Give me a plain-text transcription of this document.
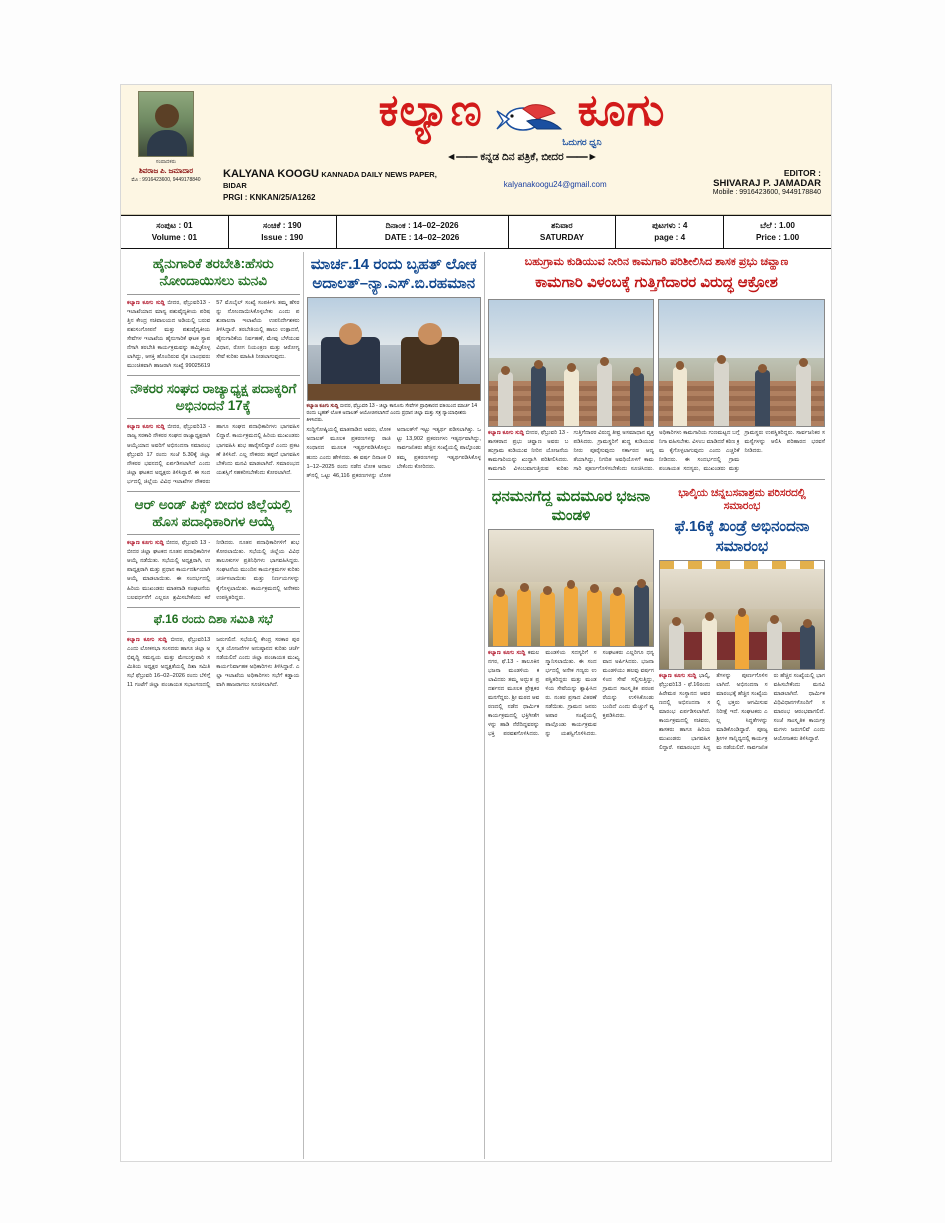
ಸಂಪಾದಕರು
ಶಿವರಾಜ ಪಿ. ಜಮಾದಾರ
ಮೊ : 9916423600, 9449178840
ಕಲ್ಯಾಣ ಕೂಗು
ಓದುಗರ ಧ್ವನಿ
◄━━ ಕನ್ನಡ ದಿನ ಪತ್ರಿಕೆ, ಬೀದರ ━━►
KALYANA KOOGU KANNADA DAILY NEWS PAPER, BIDAR
PRGI : KNKAN/25/A1262
kalyanakoogu24@gmail.com
EDITOR :
SHIVARAJ P. JAMADAR
Mobile : 9916423600, 9449178840
ಸಂಪುಟ : 01
Volume : 01
ಸಂಚಿಕೆ : 190
Issue : 190
ದಿನಾಂಕ : 14–02–2026
DATE : 14–02–2026
ಶನಿವಾರ
SATURDAY
ಪುಟಗಳು : 4
page : 4
ಬೆಲೆ : 1.00
Price : 1.00
ಹೈನುಗಾರಿಕೆ ತರಬೇತಿ:ಹೆಸರು ನೋಂದಾಯಿಸಲು ಮನವಿ
ಕಲ್ಯಾಣ ಕೂಗು ಸುದ್ದಿ ಬೀದರ, ಫೆಬ್ರುವರಿ13 - ಇಲಾಖೆಯಾದ ಮಾನ್ಯ ಪಶುವೈದ್ಯಕೀಯ ಪರಿಷತ್ತಿನ ಕೇಂದ್ರ ಸಚಿವಾಲಯದ ಅಡಿಯಲ್ಲಿ ಬರುವ ಪಶುಸಂಗೋಪನೆ ಮತ್ತು ಪಶುವೈದ್ಯಕೀಯ ಸೇವೆಗಳ ಇಲಾಖೆಯ ಹೈನುಗಾರಿಕೆ ಘಟಕ ಸ್ಥಾಪನೆಗಾಗಿ ತರಬೇತಿ ಕಾರ್ಯಕ್ರಮವನ್ನು ಹಮ್ಮಿಕೊಳ್ಳಲಾಗಿದ್ದು, ಆಸಕ್ತಿ ಹೊಂದಿರುವ ರೈತ ಬಾಂಧವರು ಮುಂಚಿತವಾಗಿ ಹಾಜರಾಗಿ ಸಂಖ್ಯೆ 9902561957 ಮೊಬೈಲ್ ಸಂಖ್ಯೆ ಸಂಪರ್ಕಿಸಿ ತಮ್ಮ ಹೆಸರನ್ನು ನೋಂದಾಯಿಸಿಕೊಳ್ಳಬೇಕು ಎಂದು ಪಶುಪಾಲನಾ ಇಲಾಖೆಯ ಉಪನಿರ್ದೇಶಕರು ತಿಳಿಸಿದ್ದಾರೆ. ತರಬೇತಿಯಲ್ಲಿ ಹಾಲು ಉತ್ಪಾದನೆ, ಹೈನುಗಾರಿಕೆಯ ನಿರ್ವಹಣೆ, ಮೇವು ಬೆಳೆಯುವ ವಿಧಾನ, ರೋಗ ನಿಯಂತ್ರಣ ಮತ್ತು ಆರೋಗ್ಯ ಸೇವೆ ಕುರಿತು ಮಾಹಿತಿ ನೀಡಲಾಗುವುದು.
ನೌಕರರ ಸಂಘದ ರಾಜ್ಯಾಧ್ಯಕ್ಷ ಪದಾಕ್ಕರಿಗೆ ಅಭಿನಂದನೆ 17ಕ್ಕೆ
ಕಲ್ಯಾಣ ಕೂಗು ಸುದ್ದಿ ಬೀದರ, ಫೆಬ್ರುವರಿ13 - ರಾಜ್ಯ ಸರಕಾರಿ ನೌಕರರ ಸಂಘದ ರಾಜ್ಯಾಧ್ಯಕ್ಷರಾಗಿ ಆಯ್ಕೆಯಾದ ಅವರಿಗೆ ಅಭಿನಂದನಾ ಸಮಾರಂಭ ಫೆಬ್ರುವರಿ 17 ರಂದು ಸಂಜೆ 5.30ಕ್ಕೆ ಜಿಲ್ಲಾ ನೌಕರರ ಭವನದಲ್ಲಿ ಏರ್ಪಡಿಸಲಾಗಿದೆ ಎಂದು ಜಿಲ್ಲಾ ಘಟಕದ ಅಧ್ಯಕ್ಷರು ತಿಳಿಸಿದ್ದಾರೆ. ಈ ಸಂದರ್ಭದಲ್ಲಿ ಜಿಲ್ಲೆಯ ವಿವಿಧ ಇಲಾಖೆಗಳ ನೌಕರರು ಹಾಗೂ ಸಂಘದ ಪದಾಧಿಕಾರಿಗಳು ಭಾಗವಹಿಸಲಿದ್ದಾರೆ. ಕಾರ್ಯಕ್ರಮದಲ್ಲಿ ಹಿರಿಯ ಮುಖಂಡರು ಭಾಗವಹಿಸಿ ಶುಭ ಹಾರೈಸಲಿದ್ದಾರೆ ಎಂದು ಪ್ರಕಟಣೆ ತಿಳಿಸಿದೆ. ಎಲ್ಲ ನೌಕರರು ತಪ್ಪದೆ ಭಾಗವಹಿಸಬೇಕೆಂದು ಮನವಿ ಮಾಡಲಾಗಿದೆ. ಸಮಾರಂಭದ ಯಶಸ್ಸಿಗೆ ಸಹಕರಿಸಬೇಕೆಂದು ಕೋರಲಾಗಿದೆ.
ಆರ್ ಅಂಡ್ ಪಿಕ್ಸ್ ಬೀದರ ಜಿಲ್ಲೆಯಲ್ಲಿ ಹೊಸ ಪದಾಧಿಕಾರಿಗಳ ಆಯ್ಕೆ
ಕಲ್ಯಾಣ ಕೂಗು ಸುದ್ದಿ ಬೀದರ, ಫೆಬ್ರುವರಿ 13 - ಬೀದರ ಜಿಲ್ಲಾ ಘಟಕದ ನೂತನ ಪದಾಧಿಕಾರಿಗಳ ಆಯ್ಕೆ ನಡೆಯಿತು. ಸಭೆಯಲ್ಲಿ ಅಧ್ಯಕ್ಷರಾಗಿ, ಉಪಾಧ್ಯಕ್ಷರಾಗಿ ಮತ್ತು ಪ್ರಧಾನ ಕಾರ್ಯದರ್ಶಿಯಾಗಿ ಆಯ್ಕೆ ಮಾಡಲಾಯಿತು. ಈ ಸಂದರ್ಭದಲ್ಲಿ ಹಿರಿಯ ಮುಖಂಡರು ಮಾತನಾಡಿ ಸಂಘಟನೆಯ ಬಲವರ್ಧನೆಗೆ ಎಲ್ಲರೂ ಶ್ರಮಿಸಬೇಕೆಂದು ಕರೆ ನೀಡಿದರು. ನೂತನ ಪದಾಧಿಕಾರಿಗಳಿಗೆ ಶುಭ ಕೋರಲಾಯಿತು. ಸಭೆಯಲ್ಲಿ ಜಿಲ್ಲೆಯ ವಿವಿಧ ತಾಲೂಕುಗಳ ಪ್ರತಿನಿಧಿಗಳು ಭಾಗವಹಿಸಿದ್ದರು. ಸಂಘಟನೆಯ ಮುಂದಿನ ಕಾರ್ಯಕ್ರಮಗಳ ಕುರಿತು ಚರ್ಚಿಸಲಾಯಿತು ಮತ್ತು ನಿರ್ಣಯಗಳನ್ನು ಕೈಗೊಳ್ಳಲಾಯಿತು. ಕಾರ್ಯಕ್ರಮದಲ್ಲಿ ಅನೇಕರು ಉಪಸ್ಥಿತರಿದ್ದರು.
ಫೆ.16 ರಂದು ದಿಶಾ ಸಮಿತಿ ಸಭೆ
ಕಲ್ಯಾಣ ಕೂಗು ಸುದ್ದಿ ಬೀದರ, ಫೆಬ್ರುವರಿ13 ಎಂದು ಲೋಕಸಭಾ ಸಂಸದರು ಹಾಗೂ ಜಿಲ್ಲಾ ಅಭಿವೃದ್ಧಿ ಸಮನ್ವಯ ಮತ್ತು ಮೇಲುಸ್ತುವಾರಿ ಸಮಿತಿಯ ಅಧ್ಯಕ್ಷರ ಅಧ್ಯಕ್ಷತೆಯಲ್ಲಿ ದಿಶಾ ಸಮಿತಿ ಸಭೆ ಫೆಬ್ರುವರಿ 16–02–2026 ರಂದು ಬೆಳಿಗ್ಗೆ 11 ಗಂಟೆಗೆ ಜಿಲ್ಲಾ ಪಂಚಾಯತ ಸಭಾಂಗಣದಲ್ಲಿ ಜರುಗಲಿದೆ. ಸಭೆಯಲ್ಲಿ ಕೇಂದ್ರ ಸರಕಾರ ಪುರಸ್ಕೃತ ಯೋಜನೆಗಳ ಅನುಷ್ಠಾನದ ಕುರಿತು ಚರ್ಚೆ ನಡೆಯಲಿದೆ ಎಂದು ಜಿಲ್ಲಾ ಪಂಚಾಯತ ಮುಖ್ಯ ಕಾರ್ಯನಿರ್ವಾಹಕ ಅಧಿಕಾರಿಗಳು ತಿಳಿಸಿದ್ದಾರೆ. ಎಲ್ಲಾ ಇಲಾಖೆಯ ಅಧಿಕಾರಿಗಳು ಸಭೆಗೆ ಕಡ್ಡಾಯವಾಗಿ ಹಾಜರಾಗಲು ಸೂಚಿಸಲಾಗಿದೆ.
ಮಾರ್ಚ.14 ರಂದು ಬೃಹತ್ ಲೋಕ ಅದಾಲತ್–ನ್ಯಾ.ಎಸ್.ಬಿ.ರಹಮಾನ
ಕಲ್ಯಾಣ ಕೂಗು ಸುದ್ದಿ ಬೀದರ, ಫೆಬ್ರುವರಿ 13 - ಜಿಲ್ಲಾ ಕಾನೂನು ಸೇವೆಗಳ ಪ್ರಾಧಿಕಾರದ ವತಿಯಿಂದ ಮಾರ್ಚ 14 ರಂದು ಬೃಹತ್ ಲೋಕ ಅದಾಲತ್ ಆಯೋಜಿಸಲಾಗಿದೆ ಎಂದು ಪ್ರಧಾನ ಜಿಲ್ಲಾ ಮತ್ತು ಸತ್ರ ನ್ಯಾಯಾಧೀಶರು ತಿಳಿಸಿದರು.
ಸುದ್ದಿಗೋಷ್ಠಿಯಲ್ಲಿ ಮಾತನಾಡಿದ ಅವರು, ಲೋಕ ಅದಾಲತ್ ಮೂಲಕ ಪ್ರಕರಣಗಳನ್ನು ರಾಜಿ ಸಂಧಾನದ ಮೂಲಕ ಇತ್ಯರ್ಥಪಡಿಸಿಕೊಳ್ಳಬಹುದು ಎಂದು ಹೇಳಿದರು. ಈ ವರ್ಷ ದಿನಾಂಕ 01–12–2025 ರಂದು ನಡೆದ ಲೋಕ ಅದಾಲತ್‌ನಲ್ಲಿ ಒಟ್ಟು 46,116 ಪ್ರಕರಣಗಳನ್ನು ಲೋಕ ಅದಾಲತ್‌ಗೆ ಇಟ್ಟು ಇತ್ಯರ್ಥ ಪಡಿಸಲಾಗಿತ್ತು. ಒಟ್ಟು 13,902 ಪ್ರಕರಣಗಳು ಇತ್ಯರ್ಥವಾಗಿದ್ದು, ಸಾರ್ವಜನಿಕರು ಹೆಚ್ಚಿನ ಸಂಖ್ಯೆಯಲ್ಲಿ ಪಾಲ್ಗೊಂಡು ತಮ್ಮ ಪ್ರಕರಣಗಳನ್ನು ಇತ್ಯರ್ಥಪಡಿಸಿಕೊಳ್ಳಬೇಕೆಂದು ಕೋರಿದರು.
ಬಹುಗ್ರಾಮ ಕುಡಿಯುವ ನೀರಿನ ಕಾಮಗಾರಿ ಪರಿಶೀಲಿಸಿದ ಶಾಸಕ ಪ್ರಭು ಚವ್ಹಾಣ
ಕಾಮಗಾರಿ ವಿಳಂಬಕ್ಕೆ ಗುತ್ತಿಗೆದಾರರ ವಿರುದ್ಧ ಆಕ್ರೋಶ
ಕಲ್ಯಾಣ ಕೂಗು ಸುದ್ದಿ ಬೀದರ, ಫೆಬ್ರುವರಿ 13 - ಶಾಸಕರಾದ ಪ್ರಭು ಚವ್ಹಾಣ ಅವರು ಬಹುಗ್ರಾಮ ಕುಡಿಯುವ ನೀರಿನ ಯೋಜನೆಯ ಕಾಮಗಾರಿಯನ್ನು ಖುದ್ದಾಗಿ ಪರಿಶೀಲಿಸಿದರು. ಕಾಮಗಾರಿ ವಿಳಂಬವಾಗುತ್ತಿರುವ ಕುರಿತು ಗುತ್ತಿಗೆದಾರರ ವಿರುದ್ಧ ತೀವ್ರ ಅಸಮಾಧಾನ ವ್ಯಕ್ತಪಡಿಸಿದರು. ಗ್ರಾಮಸ್ಥರಿಗೆ ಶುದ್ಧ ಕುಡಿಯುವ ನೀರು ಪೂರೈಸುವುದು ಸರ್ಕಾರದ ಆದ್ಯತೆಯಾಗಿದ್ದು, ನಿಗದಿತ ಅವಧಿಯೊಳಗೆ ಕಾಮಗಾರಿ ಪೂರ್ಣಗೊಳಿಸಬೇಕೆಂದು ಸೂಚಿಸಿದರು. ಅಧಿಕಾರಿಗಳು ಕಾಮಗಾರಿಯ ಗುಣಮಟ್ಟದ ಬಗ್ಗೆ ನಿಗಾ ವಹಿಸಬೇಕು. ವಿಳಂಬ ಮಾಡಿದರೆ ಕಠಿಣ ಕ್ರಮ ಕೈಗೊಳ್ಳಲಾಗುವುದು ಎಂದು ಎಚ್ಚರಿಕೆ ನೀಡಿದರು. ಈ ಸಂದರ್ಭದಲ್ಲಿ ಗ್ರಾಮ ಪಂಚಾಯತ ಸದಸ್ಯರು, ಮುಖಂಡರು ಮತ್ತು ಗ್ರಾಮಸ್ಥರು ಉಪಸ್ಥಿತರಿದ್ದರು. ಸಾರ್ವಜನಿಕರ ಸಮಸ್ಯೆಗಳನ್ನು ಆಲಿಸಿ ಪರಿಹಾರದ ಭರವಸೆ ನೀಡಿದರು.
ಧನಮನಗೆದ್ದ ಮದಮೂರ ಭಜನಾ ಮಂಡಳಿ
ಕಲ್ಯಾಣ ಕೂಗು ಸುದ್ದಿ ಕಮಲನಗರ, ಫೆ.13 - ತಾಲೂಕಿನ ಭಜನಾ ಮಂಡಳಿಯ ಕಲಾವಿದರು ತಮ್ಮ ಅದ್ಭುತ ಪ್ರದರ್ಶನದ ಮೂಲಕ ಪ್ರೇಕ್ಷಕರ ಮನಗೆದ್ದರು. ಶ್ರೀ ಮಠದ ಆವರಣದಲ್ಲಿ ನಡೆದ ಧಾರ್ಮಿಕ ಕಾರ್ಯಕ್ರಮದಲ್ಲಿ ಭಕ್ತಿಗೀತೆಗಳನ್ನು ಹಾಡಿ ನೆರೆದಿದ್ದವರನ್ನು ಭಕ್ತಿ ಪರವಶಗೊಳಿಸಿದರು. ಮಂಡಳಿಯ ಸದಸ್ಯರಿಗೆ ಸನ್ಮಾನಿಸಲಾಯಿತು. ಈ ಸಂದರ್ಭದಲ್ಲಿ ಅನೇಕ ಗಣ್ಯರು ಉಪಸ್ಥಿತರಿದ್ದರು ಮತ್ತು ಮಂಡಳಿಯ ಸೇವೆಯನ್ನು ಶ್ಲಾಘಿಸಿದರು. ನಂತರ ಪ್ರಸಾದ ವಿತರಣೆ ನಡೆಯಿತು. ಗ್ರಾಮದ ಜನರು ಅಪಾರ ಸಂಖ್ಯೆಯಲ್ಲಿ ಪಾಲ್ಗೊಂಡು ಕಾರ್ಯಕ್ರಮವನ್ನು ಯಶಸ್ವಿಗೊಳಿಸಿದರು. ಸಂಘಟಕರು ಎಲ್ಲರಿಗೂ ಧನ್ಯವಾದ ಅರ್ಪಿಸಿದರು. ಭಜನಾ ಮಂಡಳಿಯು ಹಲವು ವರ್ಷಗಳಿಂದ ಸೇವೆ ಸಲ್ಲಿಸುತ್ತಿದ್ದು, ಗ್ರಾಮದ ಸಾಂಸ್ಕೃತಿಕ ಪರಂಪರೆಯನ್ನು ಉಳಿಸಿಕೊಂಡು ಬಂದಿದೆ ಎಂದು ಮೆಚ್ಚುಗೆ ವ್ಯಕ್ತಪಡಿಸಿದರು.
ಭಾಲ್ಕಿಯ ಚನ್ನಬಸವಾಶ್ರಮ ಪರಿಸರದಲ್ಲಿ ಸಮಾರಂಭ
ಫೆ.16ಕ್ಕೆ ಖಂಡ್ರೆ ಅಭಿನಂದನಾ ಸಮಾರಂಭ
ಕಲ್ಯಾಣ ಕೂಗು ಸುದ್ದಿ ಭಾಲ್ಕಿ, ಫೆಬ್ರುವರಿ13 - ಫೆ.16ರಂದು ಹಿರೇಮಠ ಸಂಸ್ಥಾನದ ಆವರಣದಲ್ಲಿ ಅಭಿನಂದನಾ ಸಮಾರಂಭ ಏರ್ಪಡಿಸಲಾಗಿದೆ. ಕಾರ್ಯಕ್ರಮದಲ್ಲಿ ಸಚಿವರು, ಶಾಸಕರು ಹಾಗೂ ಹಿರಿಯ ಮುಖಂಡರು ಭಾಗವಹಿಸಲಿದ್ದಾರೆ. ಸಮಾರಂಭದ ಸಿದ್ಧತೆಗಳನ್ನು ಪೂರ್ಣಗೊಳಿಸಲಾಗಿದೆ. ಅಭಿನಂದನಾ ಸಮಾರಂಭಕ್ಕೆ ಹೆಚ್ಚಿನ ಸಂಖ್ಯೆಯಲ್ಲಿ ಭಕ್ತರು ಆಗಮಿಸುವ ನಿರೀಕ್ಷೆ ಇದೆ. ಸಂಘಟಕರು ಎಲ್ಲ ಸಿದ್ಧತೆಗಳನ್ನು ಮಾಡಿಕೊಂಡಿದ್ದಾರೆ. ಪೂಜ್ಯ ಶ್ರೀಗಳ ಸಾನ್ನಿಧ್ಯದಲ್ಲಿ ಕಾರ್ಯಕ್ರಮ ನಡೆಯಲಿದೆ. ಸಾರ್ವಜನಿಕರು ಹೆಚ್ಚಿನ ಸಂಖ್ಯೆಯಲ್ಲಿ ಭಾಗವಹಿಸಬೇಕೆಂದು ಮನವಿ ಮಾಡಲಾಗಿದೆ. ಧಾರ್ಮಿಕ ವಿಧಿವಿಧಾನಗಳೊಂದಿಗೆ ಸಮಾರಂಭ ಆರಂಭವಾಗಲಿದೆ. ಸಂಜೆ ಸಾಂಸ್ಕೃತಿಕ ಕಾರ್ಯಕ್ರಮಗಳು ಜರುಗಲಿವೆ ಎಂದು ಆಯೋಜಕರು ತಿಳಿಸಿದ್ದಾರೆ.
